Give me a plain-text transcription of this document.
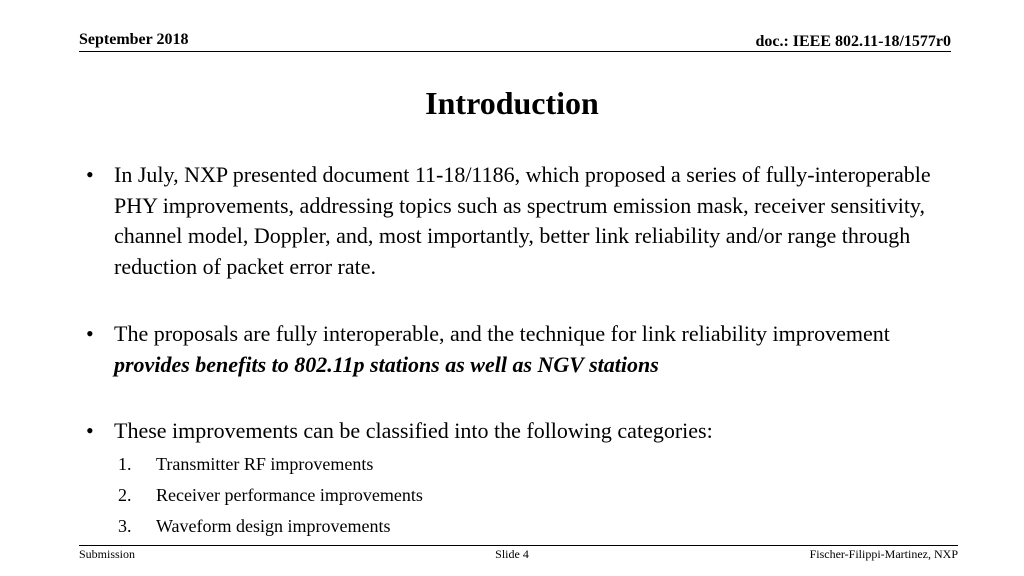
September 2018	doc.: IEEE 802.11-18/1577r0
Introduction
• In July, NXP presented document 11-18/1186, which proposed a series of fully-interoperable PHY improvements, addressing topics such as spectrum emission mask, receiver sensitivity, channel model, Doppler, and, most importantly, better link reliability and/or range through reduction of packet error rate.
• The proposals are fully interoperable, and the technique for link reliability improvement provides benefits to 802.11p stations as well as NGV stations
• These improvements can be classified into the following categories:
1. Transmitter RF improvements
2. Receiver performance improvements
3. Waveform design improvements
Submission	Slide 4	Fischer-Filippi-Martinez, NXP
